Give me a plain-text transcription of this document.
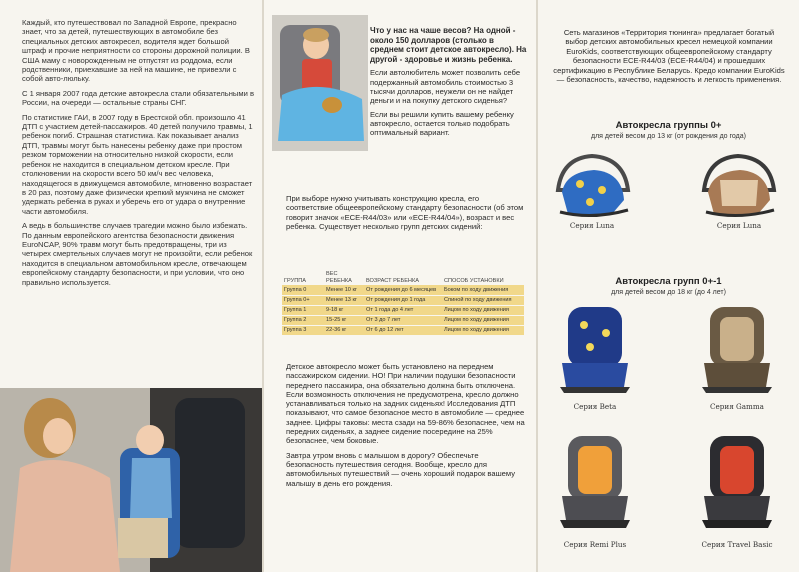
Каждый, кто путешествовал по Западной Европе, прекрасно знает, что за детей, путешествующих в автомобиле без специальных детских автокресел, водителя ждет большой штраф и прочие неприятности со стороны дорожной полиции. В США маму с новорожденным не отпустят из роддома, если родственники, приехавшие за ней на машине, не привезли с собой авто-люльку.

С 1 января 2007 года детские автокресла стали обязательными в России, на очереди — остальные страны СНГ.

По статистике ГАИ, в 2007 году в Брестской обл. произошло 41 ДТП с участием детей-пассажиров. 40 детей получило травмы, 1 ребенок погиб. Страшная статистика. Как показывает анализ ДТП, травмы могут быть нанесены ребенку даже при простом резком торможении на относительно низкой скорости, если ребенок не находится в специальном детском кресле. При столкновении на скорости всего 50 км/ч вес человека, находящегося в движущемся автомобиле, мгновенно возрастает в 20 раз, поэтому даже физически крепкий мужчина не сможет удержать ребенка в руках и уберечь его от удара о внутренние части автомобиля.

А ведь в большинстве случаев трагедии можно было избежать. По данным европейского агентства безопасности движения EuroNCAP, 90% травм могут быть предотвращены, три из четырех смертельных случаев могут не произойти, если ребенок находится в специальном автомобильном кресле, отвечающем европейскому стандарту безопасности, и при условии, что оно правильно используется.

Что у нас на чаше весов? На одной - около 150 долларов (столько в среднем стоит детское автокресло). На другой - здоровье и жизнь ребенка.

Если автолюбитель может позволить себе подержанный автомобиль стоимостью 3 тысячи долларов, неужели он не найдет деньги и на покупку детского сиденья?

Если вы решили купить вашему ребенку автокресло, остается только подобрать оптимальный вариант.

При выборе нужно учитывать конструкцию кресла, его соответствие общеевропейскому стандарту безопасности (об этом говорит значок «ECE-R44/03» или «ECE-R44/04»), возраст и вес ребенка. Существует несколько групп детских сидений:
ГРУППА	ВЕС РЕБЕНКА	ВОЗРАСТ РЕБЕНКА	СПОСОБ УСТАНОВКИ
Группа 0	Менее 10 кг	От рождения до 6 месяцев	Боком по ходу движения
Группа 0+	Менее 13 кг	От рождения до 1 года	Спиной по ходу движения
Группа 1	9-18 кг	От 1 года до 4 лет	Лицом по ходу движения
Группа 2	15-25 кг	От 3 до 7 лет	Лицом по ходу движения
Группа 3	22-36 кг	От 6 до 12 лет	Лицом по ходу движения

Детское автокресло может быть установлено на переднем пассажирском сидении. НО! При наличии подушки безопасности переднего пассажира, она обязательно должна быть отключена. Если возможность отключения не предусмотрена, кресло должно устанавливаться только на задних сиденьях! Исследования ДТП показывают, что самое безопасное место в автомобиле — среднее заднее. Цифры таковы: места сзади на 59-86% безопаснее, чем на передних сиденьях, а заднее сидение посередине на 25% безопаснее, чем боковые.

Завтра утром вновь с малышом в дорогу? Обеспечьте безопасность путешествия сегодня. Вообще, кресло для автомобильных путешествий — очень хороший подарок вашему малышу в день его рождения.

Сеть магазинов «Территория тюнинга» предлагает богатый выбор детских автомобильных кресел немецкой компании EuroKids, соответствующих общеевропейскому стандарту безопасности ECE-R44/03 (ECE-R44/04) и прошедших сертификацию в Республике Беларусь. Кредо компании EuroKids — безопасность, качество, надежность и легкость применения.
Автокресла группы 0+
для детей весом до 13 кг (от рождения до года)
Серия Luna	Серия Luna
Автокресла групп 0+-1
для детей весом до 18 кг (до 4 лет)
Серия Beta	Серия Gamma
Серия Remi Plus	Серия Travel Basic
